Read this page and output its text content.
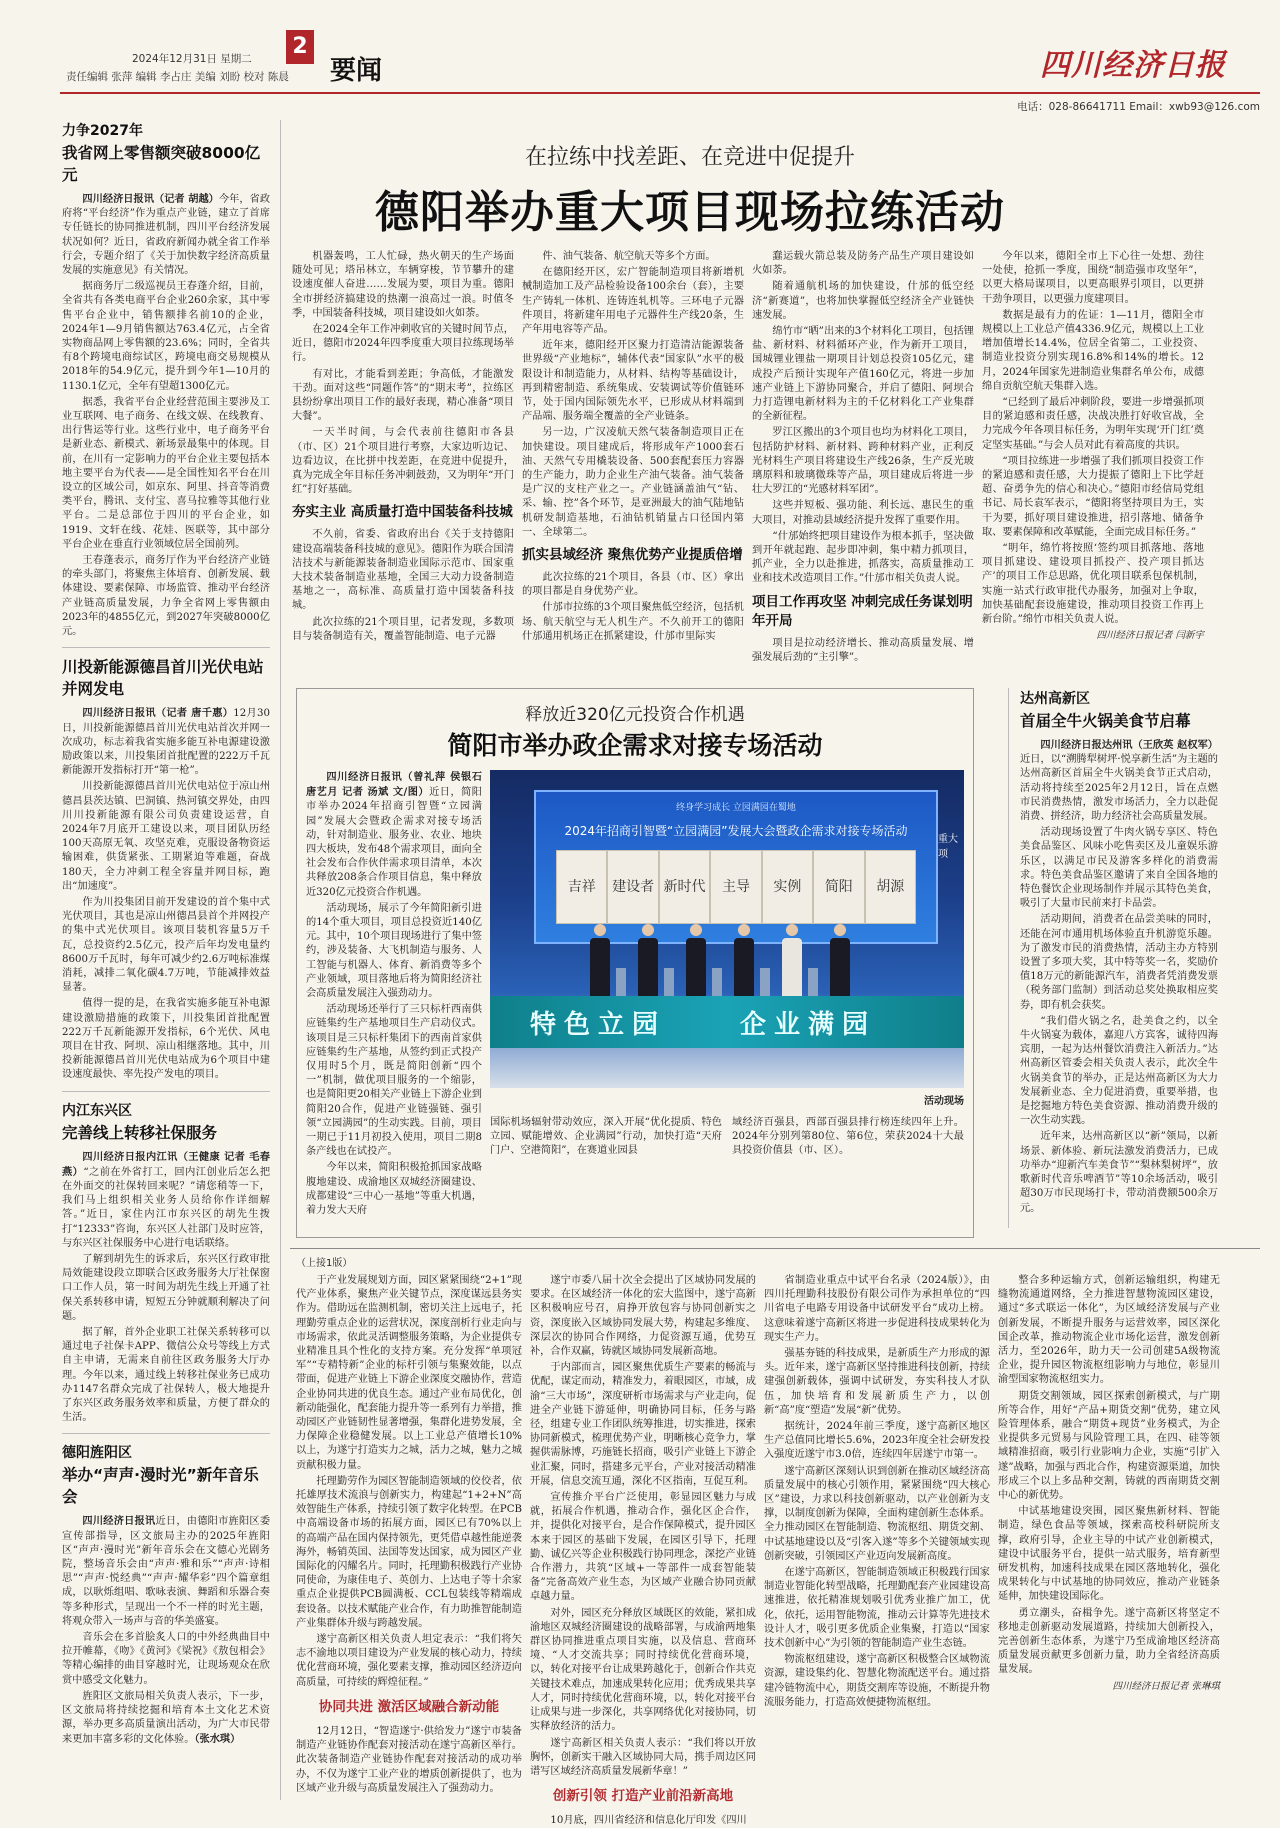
2024年12月31日 星期二
责任编辑 张萍 编辑 李占庄 美编 刘盼 校对 陈晨
2
要闻	四川经济日报
电话：028-86641711 Email：xwb93@126.com
力争2027年
我省网上零售额突破8000亿元

四川经济日报讯（记者 胡越）今年，省政府将“平台经济”作为重点产业链，建立了首席专任链长的协同推进机制，四川平台经济发展状况如何？近日，省政府新闻办就全省工作举行会，专题介绍了《关于加快数字经济高质量发展的实施意见》有关情况。

据商务厅二级巡视员王春蓬介绍，目前，全省共有各类电商平台企业260余家，其中零售平台企业中，销售额排名前10的企业，2024年1—9月销售额达763.4亿元，占全省实物商品网上零售额的23.6%；同时，全省共有8个跨境电商综试区，跨境电商交易规模从2018年的54.9亿元，提升到今年1—10月的1130.1亿元，全年有望超1300亿元。

据悉，我省平台企业经营范围主要涉及工业互联网、电子商务、在线文娱、在线教育、出行售运等行业。这些行业中，电子商务平台是新业态、新模式、新场景最集中的体现。目前，在川有一定影响力的平台企业主要包括本地主要平台为代表——是全国性知名平台在川设立的区域公司，如京东、阿里、抖音等消费类平台，腾讯、支付宝、喜马拉雅等其他行业平台。二是总部位于四川的平台企业，如1919、文轩在线、花娃、医联等，其中部分平台企业在垂直行业领域位居全国前列。

王春蓬表示，商务厅作为平台经济产业链的牵头部门，将聚焦主体培育、创新发展、载体建设、要素保障、市场监管、推动平台经济产业链高质量发展，力争全省网上零售额由2023年的4855亿元，到2027年突破8000亿元。

川投新能源德昌首川光伏电站并网发电

四川经济日报讯（记者 唐千惠）12月30日，川投新能源德昌首川光伏电站首次并网一次成功，标志着我省实施多能互补电源建设激励政策以来，川投集团首批配置的222万千瓦新能源开发指标打开“第一枪”。

川投新能源德昌首川光伏电站位于凉山州德昌县茨达镇、巴洞镇、热河镇交界处，由四川川投新能源有限公司负责建设运营，自2024年7月底开工建设以来，项目团队历经100天高原无氧、攻坚克难，克服设备物资运输困难，供货紧张、工期紧迫等难题，奋战180天，全力冲刺工程全容量并网目标，跑出“加速度”。

作为川投集团目前开发建设的首个集中式光伏项目，其也是凉山州德昌县首个并网投产的集中式光伏项目。该项目装机容量5万千瓦，总投资约2.5亿元，投产后年均发电量约8600万千瓦时，每年可减少约2.6万吨标准煤消耗，减排二氧化碳4.7万吨，节能减排效益显著。

值得一提的是，在我省实施多能互补电源建设激励措施的政策下，川投集团首批配置222万千瓦新能源开发指标，6个光伏、风电项目在甘孜、阿坝、凉山相继落地。其中，川投新能源德昌首川光伏电站成为6个项目中建设速度最快、率先投产发电的项目。

内江东兴区
完善线上转移社保服务

四川经济日报内江讯（王健康 记者 毛春燕）“之前在外省打工，回内江创业后怎么把在外面交的社保转回来呢？”请您稍等一下，我们马上组织相关业务人员给你作详细解答。”近日，家住内江市东兴区的胡先生拨打“12333”咨询，东兴区人社部门及时应答，与东兴区社保服务中心进行电话联络。

了解到胡先生的诉求后，东兴区行政审批局效能建设段立即联合区政务服务大厅社保窗口工作人员，第一时间为胡先生线上开通了社保关系转移申请，短短五分钟就顺利解决了问题。

据了解，首外企业职工社保关系转移可以通过电子社保卡APP、微信公众号等线上方式自主申请，无需来自前往区政务服务大厅办理。今年以来，通过线上转移社保业务已成功办1147名群众完成了社保转人，极大地提升了东兴区政务服务效率和质量，方便了群众的生活。

德阳旌阳区
举办“声声·漫时光”新年音乐会

四川经济日报讯近日，由德阳市旌阳区委宣传部指导，区文旅局主办的2025年旌阳区“声声·漫时光”新年音乐会在文德心光剧务院，整场音乐会由“声声·雅和乐”“声声·诗相思”“声声·悦经典”“声声·耀华彩”四个篇章组成，以耿烁组唱、歌咏表演、舞蹈和乐器合奏等多种形式，呈现出一个不一样的时光主题，将观众带入一场声与音的华美盛宴。

音乐会在多首脍炙人口的中外经典曲目中拉开帷幕，《吻》《黄河》《梁祝》《敖包相会》等精心编排的曲目穿越时光，让现场观众在欣赏中感受文化魅力。

旌阳区文旅局相关负责人表示，下一步，区文旅局将持续挖掘和培育本土文化艺术资源，举办更多高质量演出活动，为广大市民带来更加丰富多彩的文化体验。（张水琪）

在拉练中找差距、在竞进中促提升
德阳举办重大项目现场拉练活动

机器轰鸣，工人忙碌，热火朝天的生产场面随处可见；塔吊林立，车辆穿梭，节节攀升的建设速度催人奋进……发展为要，项目为重。德阳全市拼经济搞建设的热潮一浪高过一浪。时值冬季，中国装备科技城，项目建设如火如荼。

在2024全年工作冲刺收官的关键时间节点，近日，德阳市2024年四季度重大项目拉练现场举行。

有对比，才能看到差距；争高低，才能激发干劲。面对这些“同题作答”的“期末考”，拉练区县纷纷拿出项目工作的最好表现，精心准备“项目大餐”。

一天半时间，与会代表前往德阳市各县（市、区）21个项目进行考察，大家边听边记、边看边议，在比拼中找差距，在竞进中促提升，真为完成全年目标任务冲刺鼓劲，又为明年“开门红”打好基础。

夯实主业 高质量打造中国装备科技城

不久前，省委、省政府出台《关于支持德阳建设高端装备科技城的意见》。德阳作为联合国清洁技术与新能源装备制造业国际示范市、国家重大技术装备制造业基地，全国三大动力设备制造基地之一，高标准、高质量打造中国装备科技城。

此次拉练的21个项目里，记者发现，多数项目与装备制造有关，覆盖智能制造、电子元器

件、油气装备、航空航天等多个方面。

在德阳经开区，宏广智能制造项目将新增机械制造加工及产品检验设备100余台（套），主要生产铸轧一体机、连铸连轧机等。三环电子元器件项目，将新建年用电子元器件生产线20条，生产年用电容等产品。

近年来，德阳经开区聚力打造清洁能源装备世界级“产业地标”，辅体代表“国家队”水平的极限设计和制造能力，从材料、结构等基础设计，再到精密制造、系统集成、安装调试等价值链环节，处于国内国际领先水平，已形成从材料端到产品端、服务端全覆盖的全产业链条。

另一边，广汉凌航天然气装备制造项目正在加快建设。项目建成后，将形成年产1000套石油、天然气专用橇装设备、500套配套压力容器的生产能力，助力企业生产油气装备。油气装备是广汉的支柱产业之一。产业链涵盖油气“钻、采、输、控”各个环节，是亚洲最大的油气陆地钻机研发制造基地，石油钻机销量占口径国内第一、全球第二。

抓实县域经济 聚焦优势产业提质倍增

此次拉练的21个项目，各县（市、区）拿出的项目都是自身优势产业。

什邡市拉练的3个项目聚焦低空经济，包括机场、航天航空与无人机生产。不久前开工的德阳什邡通用机场正在抓紧建设，什邡市里际实

蠢运载火箭总装及防务产品生产项目建设如火如荼。

随着通航机场的加快建设，什邡的低空经济“新赛道”，也将加快掌握低空经济全产业链快速发展。

绵竹市“晒”出来的3个材料化工项目，包括锂盐、新材料、材料循环产业，作为新开工项目，国城锂业锂盐一期项目计划总投资105亿元，建成投产后预计实现年产值160亿元，将进一步加速产业链上下游协同聚合，并启了德阳、阿坝合力打造锂电新材料为主的千亿材料化工产业集群的全新征程。

罗江区搬出的3个项目也均为材料化工项目，包括防护材料、新材料、跨种材料产业，正利反光材料生产项目将建设生产线26条，生产反光玻璃原料和玻璃微珠等产品，项目建成后将进一步壮大罗江的“光感材料军团”。

这些并短板、强功能、利长远、惠民生的重大项目，对推动县域经济提升发挥了重要作用。

“什邡始终把项目建设作为根本抓手，坚决做到开年就起跑、起步即冲刺，集中精力抓项目，抓产业，全力以赴推进，抓落实，高质量推动工业和技术改造项目工作。”什邡市相关负责人说。

项目工作再攻坚 冲刺完成任务谋划明年开局

项目是拉动经济增长、推动高质量发展、增强发展后劲的“主引擎”。

今年以来，德阳全市上下心往一处想、劲往一处使，抢抓一季度，围绕“制造强市攻坚年”，以更大格局谋项目，以更高眼界引项目，以更拼干劲争项目，以更强力度建项目。

数据是最有力的佐证：1—11月，德阳全市规模以上工业总产值4336.9亿元，规模以上工业增加值增长14.4%，位居全省第二，工业投资、制造业投资分别实现16.8%和14%的增长。12月，2024年国家先进制造业集群名单公布，成德绵自贡航空航天集群入选。

“已经到了最后冲刺阶段，要进一步增强抓项目的紧迫感和责任感，决战决胜打好收官战，全力完成今年各项目标任务，为明年实现‘开门红’奠定坚实基础。”与会人员对此有着高度的共识。

“项目拉练进一步增强了我们抓项目投资工作的紧迫感和责任感，大力提振了德阳上下比学赶超、奋勇争先的信心和决心。”德阳市经信局党组书记、局长袁军表示，“德阳将坚持项目为王，实干为要，抓好项目建设推进，招引落地、储备争取、要素保障和改革赋能，全面完成目标任务。”

“明年，绵竹将按照‘签约项目抓落地、落地项目抓建设、建设项目抓投产、投产项目抓达产’的项目工作总思路，优化项目联系包保机制，实施一站式行政审批代办服务，加强对上争取，加快基础配套设施建设，推动项目投资工作再上新台阶。”绵竹市相关负责人说。

四川经济日报记者 闫新宇
释放近320亿元投资合作机遇
简阳市举办政企需求对接专场活动

四川经济日报讯（曾礼萍 侯银石 唐艺月 记者 汤斌 文/图）近日，简阳市举办2024年招商引智暨“立园满园”发展大会暨政企需求对接专场活动，针对制造业、服务业、农业、地块四大板块，发布48个需求项目，面向全社会发布合作伙伴需求项目清单，本次共释放208条合作项目信息，集中释放近320亿元投资合作机遇。

活动现场，展示了今年简阳新引进的14个重大项目，项目总投资近140亿元。其中，10个项目现场进行了集中签约，涉及装备、大飞机制造与服务、人工智能与机器人、体育、新消费等多个产业领域，项目落地后将为简阳经济社会高质量发展注入强劲动力。

活动现场还举行了三只标杆西南供应链集约生产基地项目生产启动仪式。该项目是三只标杆集团下的西南首家供应链集约生产基地，从签约到正式投产仅用时5个月，既是简阳创新“四个一”机制，做优项目服务的一个缩影，也是简阳更20相关产业链上下游企业到简阳20合作，促进产业链强链、强引领“立园满园”的生动实践。目前，项目一期已于11月初投入使用，项目二期8条产线也在试投产。

今年以来，简阳积极抢抓国家战略腹地建设、成渝地区双城经济圈建设、成都建设“三中心一基地”等重大机遇，着力发大天府

终身学习成长 立园满园在蜀地
2024年招商引智暨“立园满园”发展大会暨政企需求对接专场活动
吉祥	建设者 新时代	主导	实例	简阳	胡源
重大项
特色立园	企业满园
活动现场

国际机场辐射带动效应，深入开展“优化提质、特色立园、赋能增效、企业满园”行动，加快打造“天府门户、空港简阳”，在赛道业园县

域经济百强县，西部百强县排行榜连续四年上升。2024年分别列第80位、第6位，荣获2024十大最具投资价值县（市、区）。

达州高新区
首届全牛火锅美食节启幕

四川经济日报达州讯（王欣英 赵权军）近日，以“溯腾犁树坪·悦享新生活”为主题的达州高新区首届全牛火锅美食节正式启动，活动将持续至2025年2月12日，旨在点燃市民消费热情，激发市场活力，全力以赴促消费、拼经济，助力经济社会高质量发展。

活动现场设置了牛肉火锅专享区、特色美食品鉴区、风味小吃售卖区及儿童娱乐游乐区，以满足市民及游客多样化的消费需求。特色美食品鉴区邀请了来自全国各地的特色餐饮企业现场制作并展示其特色美食，吸引了大量市民前来打卡品尝。

活动期间，消费者在品尝美味的同时，还能在河市通用机场体验直升机游览乐趣。为了激发市民的消费热情，活动主办方特别设置了多项大奖，其中特等奖一名，奖励价值18万元的新能源汽车，消费者凭消费发票（税务部门监制）到活动总奖处换取相应奖券，即有机会获奖。

“我们借火锅之名，赴美食之约，以全牛火锅宴为载体，嘉迎八方宾客，诚待四海宾朋，一起为达州餐饮消费注入新活力。”达州高新区管委会相关负责人表示，此次全牛火锅美食节的举办，正是达州高新区为大力发展新业态、全力促进消费，重要举措，也是挖掘地方特色美食资源、推动消费升级的一次生动实践。

近年来，达州高新区以“新”领局，以新场景、新体验、新玩法激发消费活力，已成功举办“迎新汽车美食节”“梨林梨树坪”，放歌新时代音乐啤酒节”等10余场活动，吸引超30万市民现场打卡，带动消费额500余万元。

（上接1版）

于产业发展规划方面，园区紧紧围绕“2+1”现代产业体系，聚焦产业关键节点，深度谋远县务实作为。借助远在监测机制，密切关注上远电子，托理勤劳重点企业的运营状况，深度剖析行业走向与市场需求，依此灵活调整服务策略，为企业提供专业精准且具个性化的支持方案。充分发挥“单项冠军”“专精特新”企业的标杆引领与集聚效能，以点带面，促进产业链上下游企业深度交融协作，营造企业协同共进的优良生态。通过产业布局优化，创新动能强化，配套能力提升等一系列有力举措，推动园区产业链韧性显著增强，集群化进势发展，全力保障企业稳健发展。以上工业总产值增长10%以上，为遂宁打造实力之城，活力之城，魅力之城贡献积极力量。

托理勤劳作为园区智能制造领域的佼佼者，依托雄厚技术流浪与创新实力，构建起“1+2+N”高效智能生产体系，持续引领了数字化转型。在PCB中高端设备市场的拓展方面，园区已有70%以上的高端产品在国内保持领先，更凭借卓越性能逆袭海外，畅销英国、法国等发达国家，成为园区产业国际化的闪耀名片。同时，托理勤积极践行产业协同使命，为康佳电子、英创力、上达电子等十余家重点企业提供PCB圆满板、CCL包装线等精端成套设备。以技术赋能产业合作，有力助推智能制造产业集群体升级与跨越发展。

遂宁高新区相关负责人坦定表示：“我们将矢志不渝地以项目建设为产业发展的核心动力，持续优化营商环境，强化要素支撑，推动园区经济迈向高质量，可持续的辉煌征程。”

协同共进 激活区域融合新动能

12月12日，“智造遂宁·供给发力”遂宁市装备制造产业链协作配套对接活动在遂宁高新区举行。此次装备制造产业链协作配套对接活动的成功举办，不仅为遂宁工业产业的增质创新提供了，也为区域产业升级与高质量发展注入了强劲动力。

遂宁市委八届十次全会提出了区域协同发展的要求。在区域经济一体化的宏大监图中，遂宁高新区积极响应号召，肩挣开放包容与协同创新实之资，深度嵌入区域协同发展大势，构建起多维度、深层次的协同合作网络，力促资源互通，优势互补，合作双赢，铸就区域协同发展新高地。

于内部而言，园区聚焦优质生产要素的畅流与优配，谋定而动，精准发力，着眼园区，市域，成渝“三大市场”，深度研析市场需求与产业走向，促进全产业链下游延伸，明确协同目标，任务与路径，组建专业工作团队统筹推进，切实推进，探索协同新模式，梳理优势产业，明晰核心竞争力，掌握供需脉博，巧施链长招商，吸引产业链上下游企业汇聚，同时，搭建多元平台，产业对接活动精准开展，信息交流互通，深化不区指南，互促互利。

宣传推介平台广泛使用，彰显园区魅力与成就，拓展合作机遇，推动合作，强化区企合作，并，提供化对接平台，是合作保障模式，提升园区本来于园区的基础下发展，在园区引导下，托理勤、诚亿兴等企业积极践行协同理念，深挖产业链合作潜力，共筑“区域+一等部件一成套智能装备”完备高效产业生态，为区域产业融合协同贡献卓越力量。

对外，园区充分释放区域既区的效能，紧扣成渝地区双城经济圈建设的战略部署，与成渝两地集群区协同推进重点项目实施，以及信息、营商环境、“人才交流共享；同时持续优化营商环境，以，转化对接平台让成果跨越化于，创新合作共克关键技术难点，加速成果转化应用；优秀成果共享人才，同时持续优化营商环境，以，转化对接平台让成果与进一步深化，共享网络优化对接协同，切实释放经济的活力。

遂宁高新区相关负责人表示：“我们将以开放胸怀，创新实干融入区域协同大局，携手周边区同谱写区域经济高质量发展新华章！”

创新引领 打造产业前沿新高地

10月底，四川省经济和信息化厅印发《四川

省制造业重点中试平台名录（2024版）》，由四川托理勤科技股份有限公司作为承担单位的“四川省电子电路专用设备中试研发平台”成功上榜。这意味着遂宁高新区将进一步促进科技成果转化为现实生产力。

强基夯链的科技成果，是新质生产力形成的源头。近年来，遂宁高新区坚持推进科技创新，持续建强创新载体，强调中试研发，夯实科技人才队伍，加快培育和发展新质生产力，以创新“高”度“塑造”发展“新”优势。

据统计，2024年前三季度，遂宁高新区地区生产总值同比增长5.6%，2023年度全社会研发投入强度近遂宁市3.0倍，连续四年居遂宁市第一。

遂宁高新区深刻认识到创新在推动区域经济高质量发展中的核心引领作用，紧紧围绕“四大核心区”建设，力求以科技创新驱动，以产业创新为支撑，以制度创新为保障，全面构建创新生态体系。全力推动园区在智能制造、物流枢纽、期货交割、中试基地建设以及“引客入遂”等多个关键领域实现创新突破，引领园区产业迈向发展新高度。

在遂宁高新区，智能制造领域正积极践行国家制造业智能化转型战略，托理勤配套产业园建设高速推进，依托精准规划吸引优秀业推广加工，优化，依托，运用智能物流，推动云计算等先进技术设计人才，吸引更多优质企业集聚，打造以“国家技术创新中心”为引领的智能制造产业生态链。

物流枢纽建设，遂宁高新区积极整合区域物流资源，建设集约化、智慧化物流配送平台。通过搭建冷链物流中心，期货交割库等设施，不断提升物流服务能力，打造高效便捷物流枢纽。

整合多种运输方式，创新运输组织，构建无缝物流通道网络，全力推进智慧物流园区建设，通过“多式联运一体化”，为区域经济发展与产业创新发展，不断提升服务与运营效率，园区深化国企改革，推动物流企业市场化运营，激发创新活力，至2026年，助力天一公司创建5A级物流企业，提升园区物流枢纽影响力与地位，彰显川渝型国家物流枢纽实力。

期货交割领域，园区探索创新模式，与广期所等合作，用好“产品+期货交割”优势，建立风险管理体系，融合“期货+现货”业务模式，为企业提供多元贸易与风险管理工具，在四、硅等领域精准招商，吸引行业影响力企业，实施“引扩入遂”战略，加强与西北合作，构建资源渠道，加快形成三个以上多品种交割，铸就的西南期货交割中心的新优势。

中试基地建设突围，园区聚焦新材料、智能制造，绿色食品等领域，探索高校科研院所支撑，政府引导，企业主导的中试产业创新模式，建设中试服务平台，提供一站式服务，培育新型研发机构，加速科技成果在园区落地转化，强化成果转化与中试基地的协同效应，推动产业链条延伸，加快建设国际化。

勇立潮头，奋楫争先。遂宁高新区将坚定不移地走创新驱动发展道路，持续加大创新投入，完善创新生态体系，为遂宁乃至成渝地区经济高质量发展贡献更多创新力量，助力全省经济高质量发展。

四川经济日报记者 张琳琪
